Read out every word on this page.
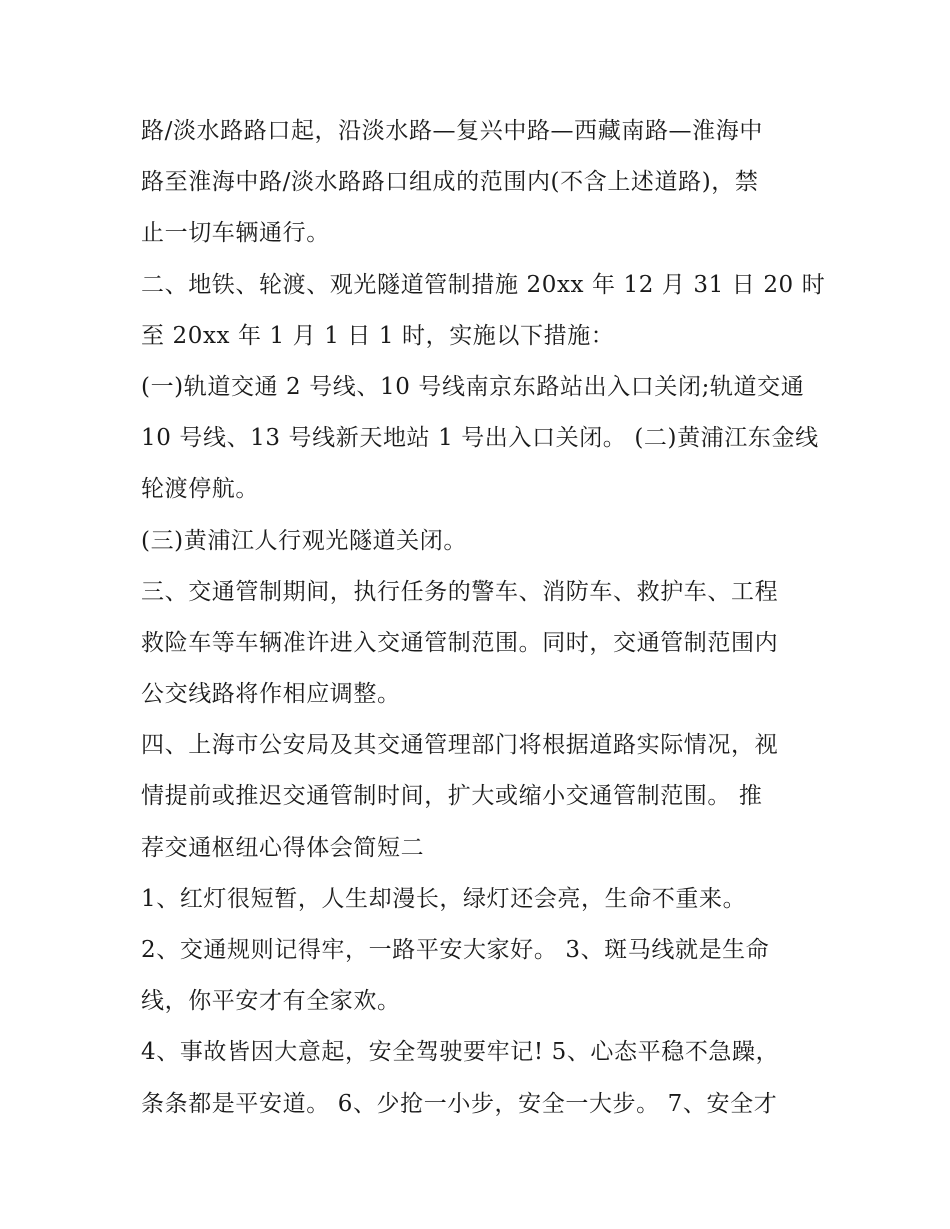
路/淡水路路口起，沿淡水路—复兴中路—西藏南路—淮海中
路至淮海中路/淡水路路口组成的范围内(不含上述道路)，禁
止一切车辆通行。
二、地铁、轮渡、观光隧道管制措施 20xx 年 12 月 31 日 20 时
至 20xx 年 1 月 1 日 1 时，实施以下措施：
(一)轨道交通 2 号线、10 号线南京东路站出入口关闭;轨道交通
10 号线、13 号线新天地站 1 号出入口关闭。 (二)黄浦江东金线
轮渡停航。
(三)黄浦江人行观光隧道关闭。
三、交通管制期间，执行任务的警车、消防车、救护车、工程
救险车等车辆准许进入交通管制范围。同时，交通管制范围内
公交线路将作相应调整。
四、上海市公安局及其交通管理部门将根据道路实际情况，视
情提前或推迟交通管制时间，扩大或缩小交通管制范围。 推
荐交通枢纽心得体会简短二
1、红灯很短暂，人生却漫长，绿灯还会亮，生命不重来。
2、交通规则记得牢，一路平安大家好。 3、斑马线就是生命
线，你平安才有全家欢。
4、事故皆因大意起，安全驾驶要牢记! 5、心态平稳不急躁，
条条都是平安道。 6、少抢一小步，安全一大步。 7、安全才
